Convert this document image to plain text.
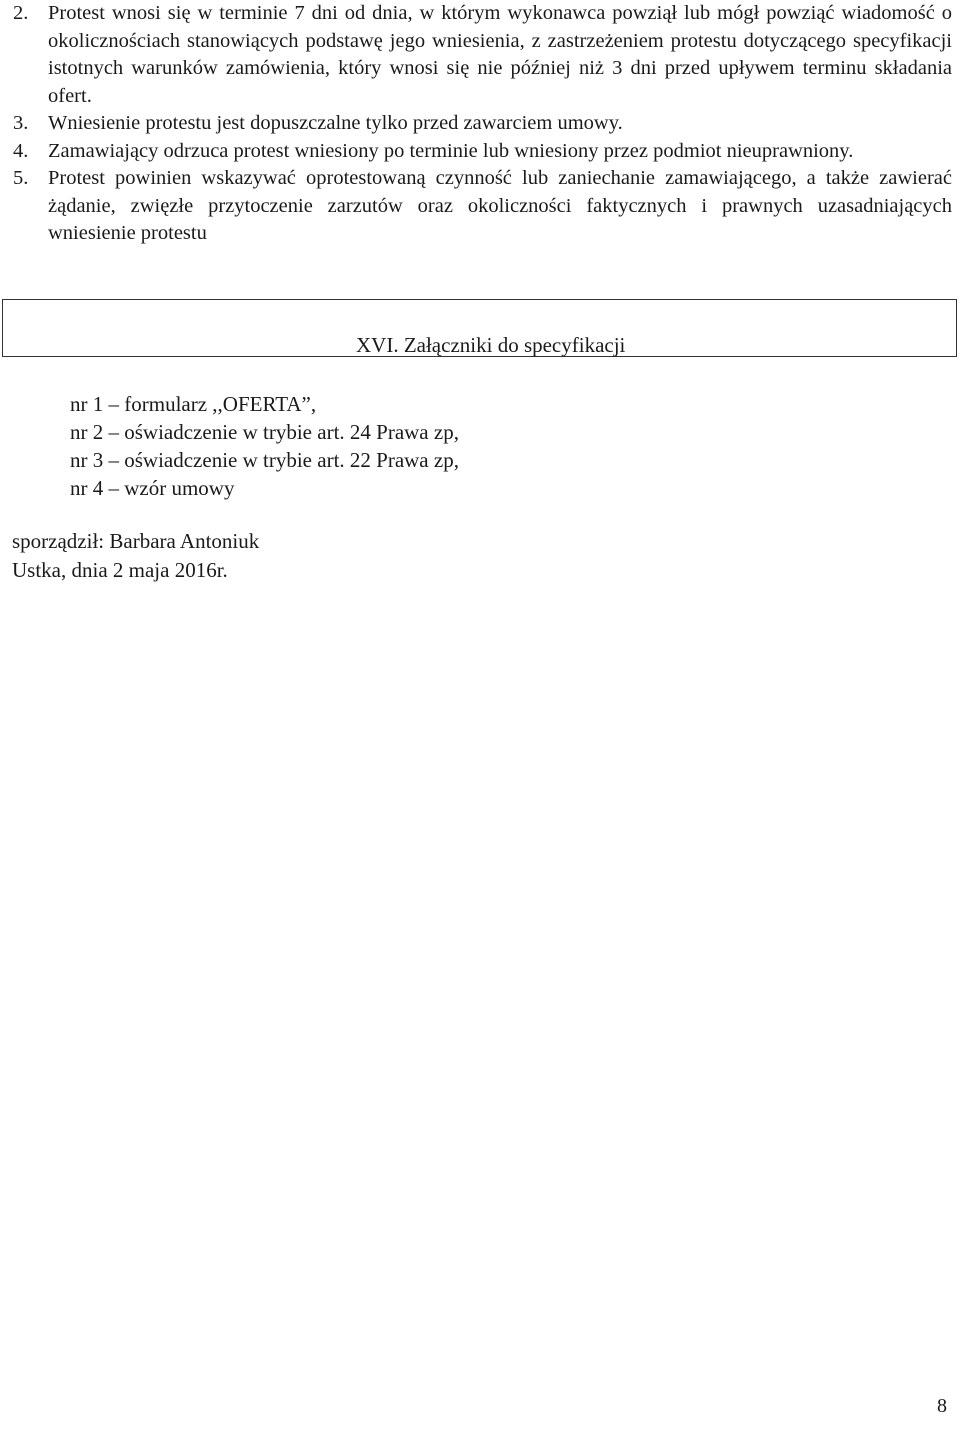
2. Protest wnosi się w terminie 7 dni od dnia, w którym wykonawca powziął lub mógł powziąć wiadomość o okolicznościach stanowiących podstawę jego wniesienia, z zastrzeżeniem protestu dotyczącego specyfikacji istotnych warunków zamówienia, który wnosi się nie później niż 3 dni przed upływem terminu składania ofert.
3. Wniesienie protestu jest dopuszczalne tylko przed zawarciem umowy.
4. Zamawiający odrzuca protest wniesiony po terminie lub wniesiony przez podmiot nieuprawniony.
5. Protest powinien wskazywać oprotestowaną czynność lub zaniechanie zamawiającego, a także zawierać żądanie, zwięzłe przytoczenie zarzutów oraz okoliczności faktycznych i prawnych uzasadniających wniesienie protestu
XVI. Załączniki do specyfikacji
nr 1 – formularz ,,OFERTA”,
nr 2 – oświadczenie w trybie art. 24 Prawa zp,
nr 3 – oświadczenie w trybie art. 22 Prawa zp,
nr 4 – wzór umowy
sporządził: Barbara Antoniuk
Ustka, dnia 2 maja 2016r.
8
